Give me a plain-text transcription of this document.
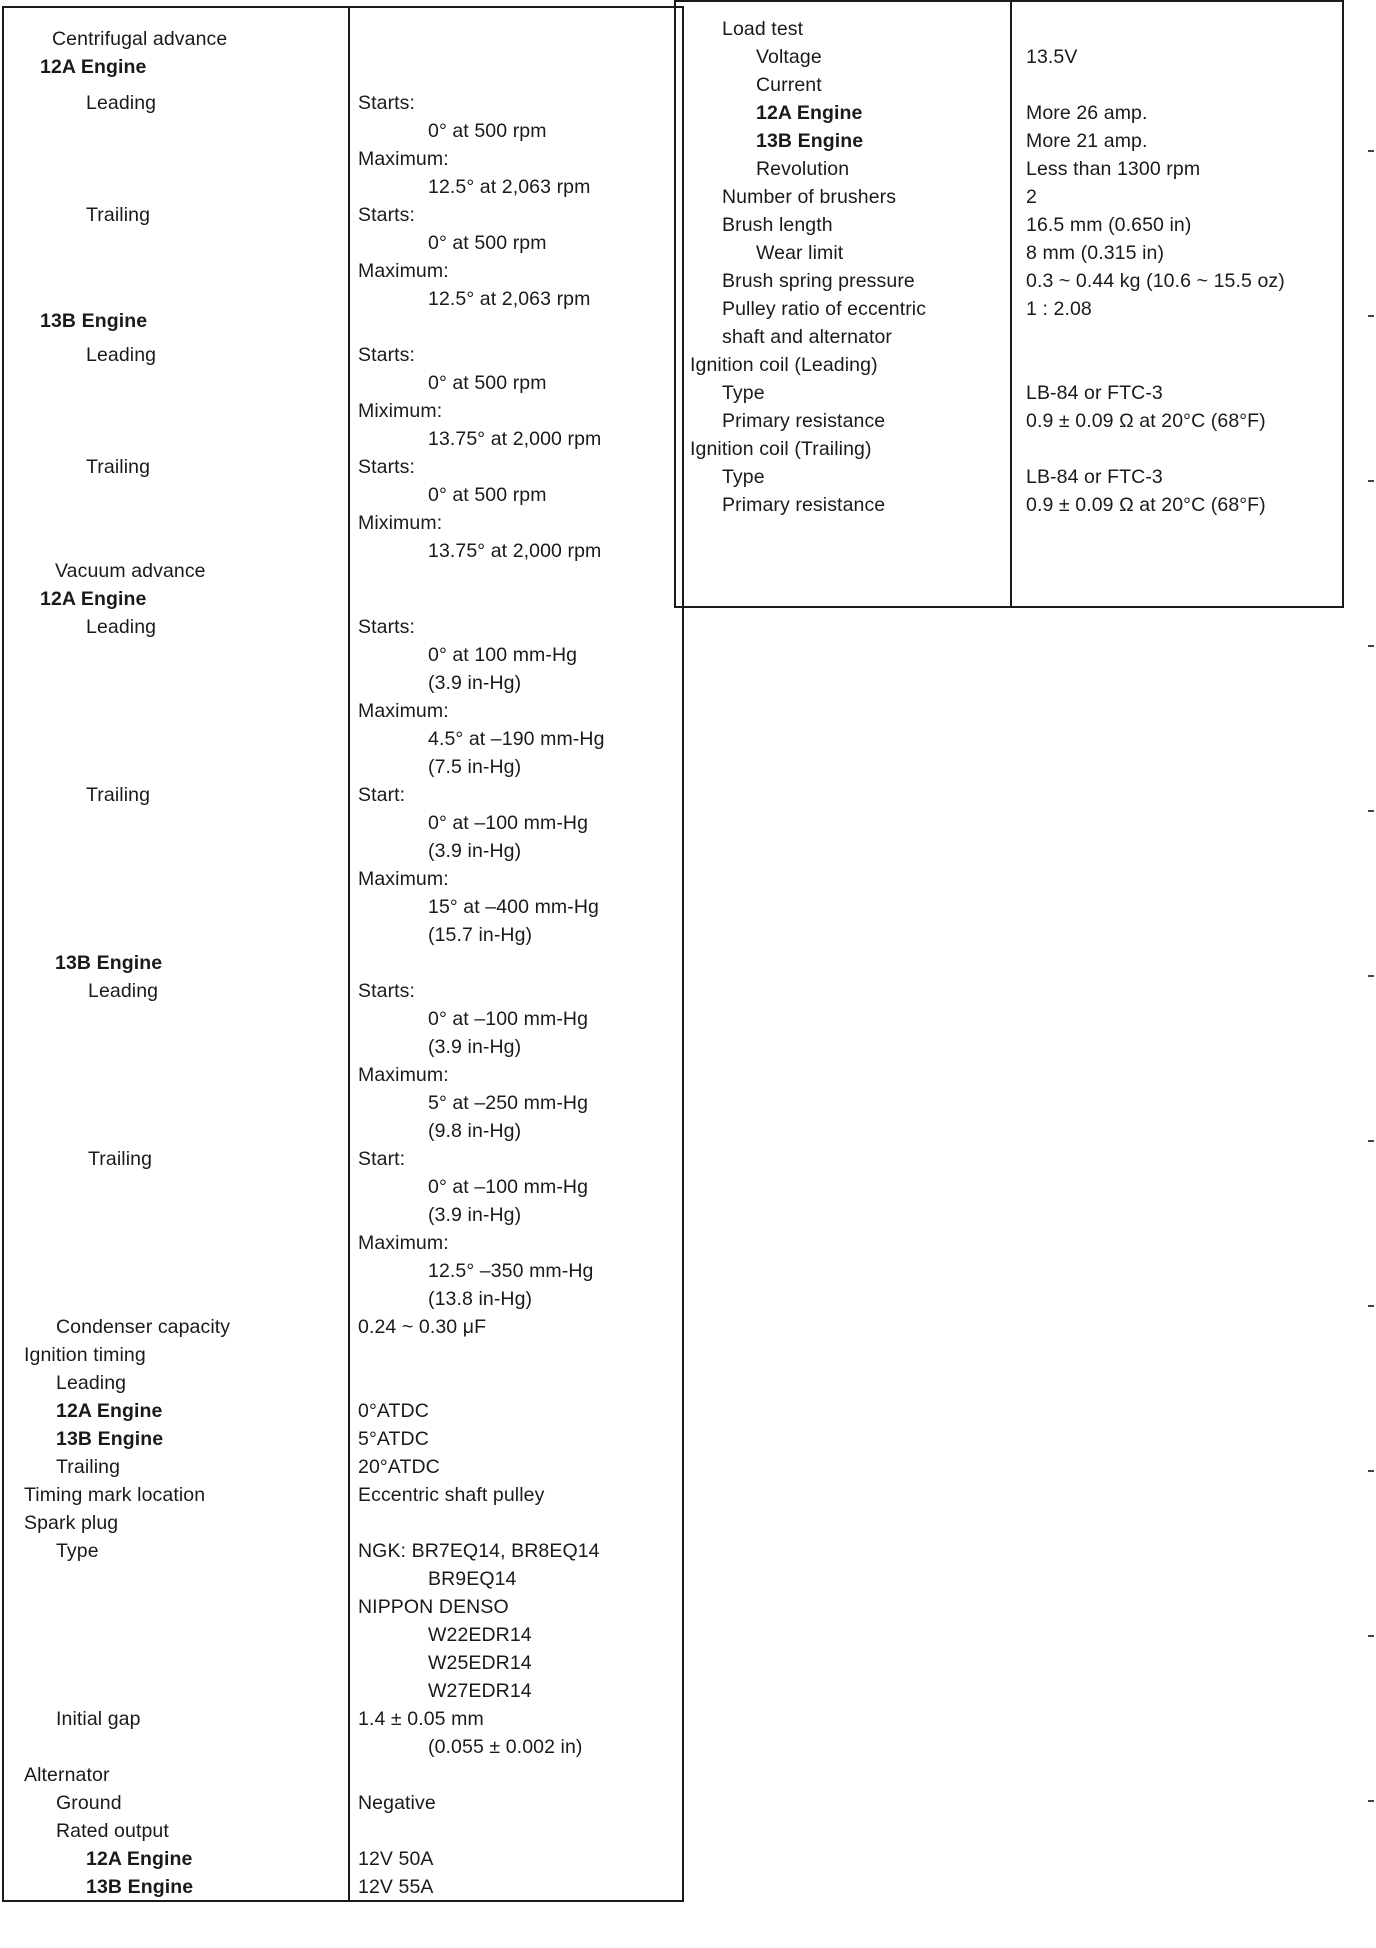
Centrifugal advance
12A Engine
Leading	Starts:
0° at 500 rpm
Maximum:
12.5° at 2,063 rpm
Trailing	Starts:
0° at 500 rpm
Maximum:
12.5° at 2,063 rpm
13B Engine
Leading	Starts:
0° at 500 rpm
Miximum:
13.75° at 2,000 rpm
Trailing	Starts:
0° at 500 rpm
Miximum:
13.75° at 2,000 rpm
Vacuum advance
12A Engine
Leading	Starts:
0° at 100 mm-Hg
(3.9 in-Hg)
Maximum:
4.5° at –190 mm-Hg
(7.5 in-Hg)
Trailing	Start:
0° at –100 mm-Hg
(3.9 in-Hg)
Maximum:
15° at –400 mm-Hg
(15.7 in-Hg)
13B Engine
Leading	Starts:
0° at –100 mm-Hg
(3.9 in-Hg)
Maximum:
5° at –250 mm-Hg
(9.8 in-Hg)
Trailing	Start:
0° at –100 mm-Hg
(3.9 in-Hg)
Maximum:
12.5° –350 mm-Hg
(13.8 in-Hg)
Condenser capacity	0.24 ~ 0.30 μF
Ignition timing
Leading
12A Engine	0°ATDC
13B Engine	5°ATDC
Trailing	20°ATDC
Timing mark location	Eccentric shaft pulley
Spark plug
Type	NGK: BR7EQ14, BR8EQ14
BR9EQ14
NIPPON DENSO
W22EDR14
W25EDR14
W27EDR14
Initial gap	1.4 ± 0.05 mm
(0.055 ± 0.002 in)
Alternator
Ground	Negative
Rated output
12A Engine	12V 50A
13B Engine	12V 55A
Load test
Voltage	13.5V
Current
12A Engine	More 26 amp.
13B Engine	More 21 amp.
Revolution	Less than 1300 rpm
Number of brushers	2
Brush length	16.5 mm (0.650 in)
Wear limit	8 mm (0.315 in)
Brush spring pressure	0.3 ~ 0.44 kg (10.6 ~ 15.5 oz)
Pulley ratio of eccentric	1 : 2.08
shaft and alternator
Ignition coil (Leading)
Type	LB-84 or FTC-3
Primary resistance	0.9 ± 0.09 Ω at 20°C (68°F)
Ignition coil (Trailing)
Type	LB-84 or FTC-3
Primary resistance	0.9 ± 0.09 Ω at 20°C (68°F)
